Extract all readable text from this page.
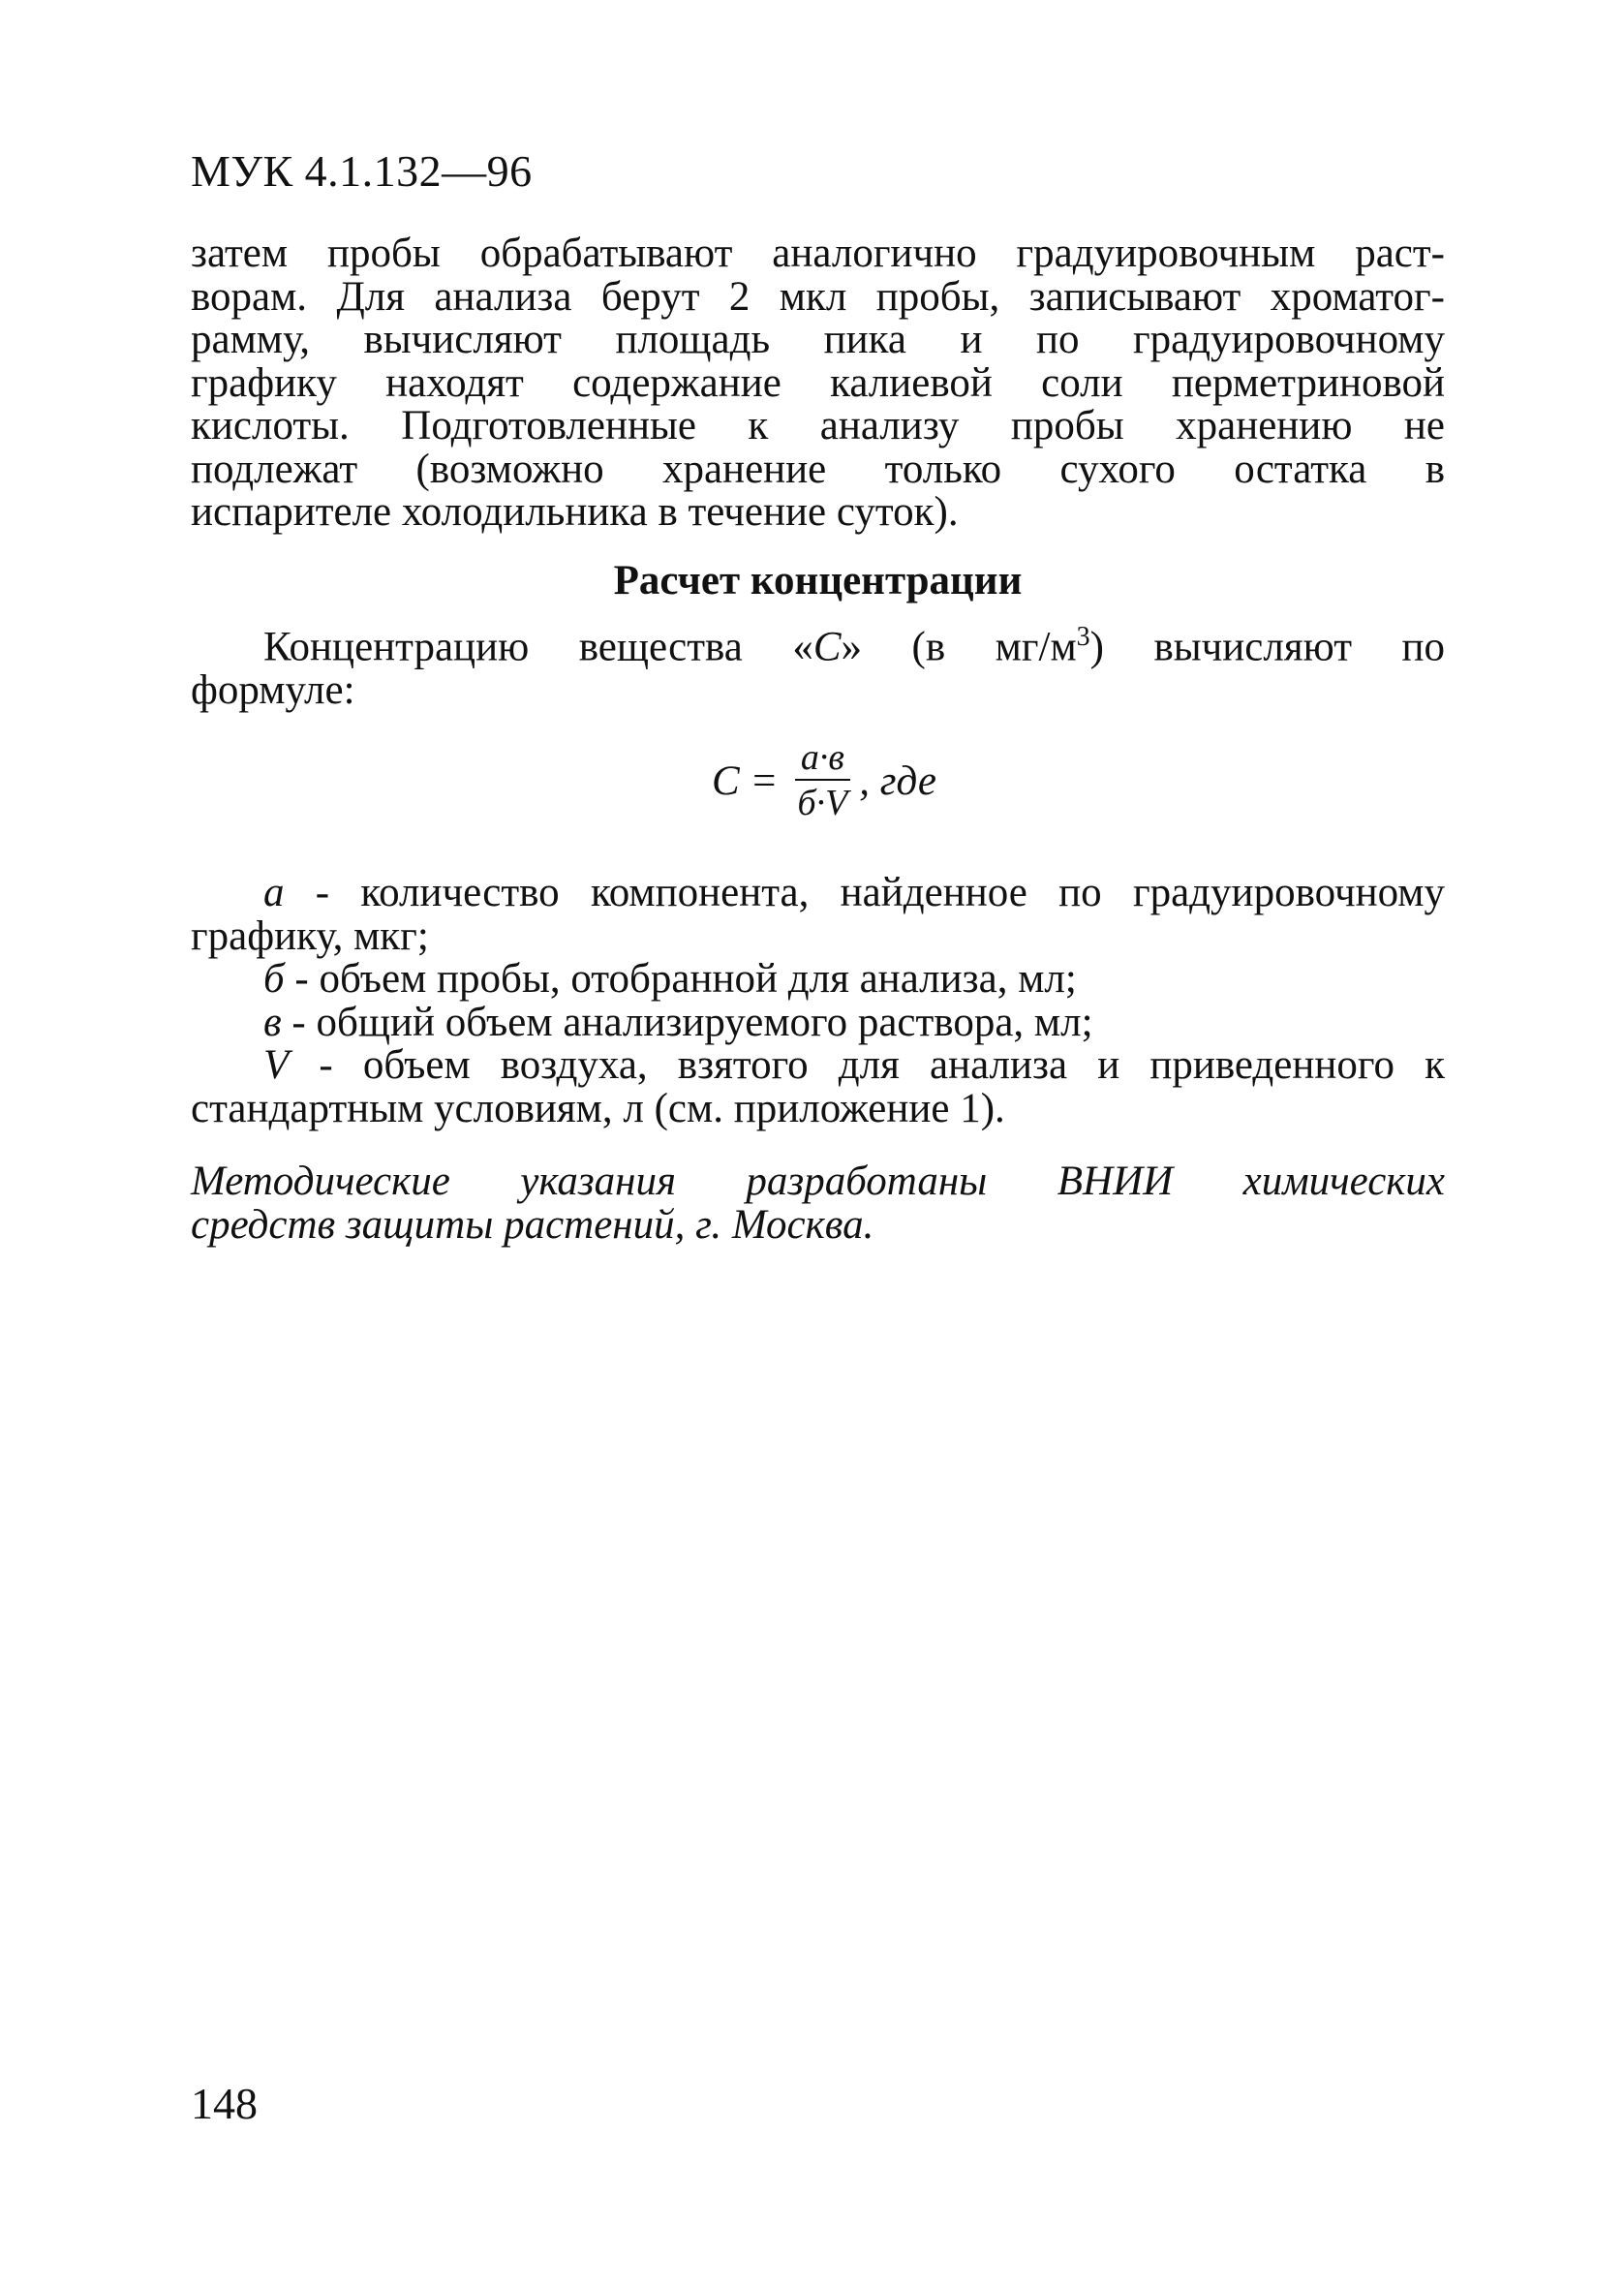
МУК 4.1.132—96
затем пробы обрабатывают аналогично градуировочным раст-
ворам. Для анализа берут 2 мкл пробы, записывают хроматог-
рамму, вычисляют площадь пика и по градуировочному
графику находят содержание калиевой соли перметриновой
кислоты. Подготовленные к анализу пробы хранению не
подлежат (возможно хранение только сухого остатка в
испарителе холодильника в течение суток).
Расчет концентрации
Концентрацию вещества «С» (в $мг/м^3$) вычисляют по
формуле:
$С = \frac{а\cdot в}{б\cdot V}$ , где
а - количество компонента, найденное по градуировочному
графику, мкг;
б - объем пробы, отобранной для анализа, мл;
в - общий объем анализируемого раствора, мл;
V - объем воздуха, взятого для анализа и приведенного к
стандартным условиям, л (см. приложение 1).
Методические указания разработаны ВНИИ химических
средств защиты растений, г. Москва.
148
